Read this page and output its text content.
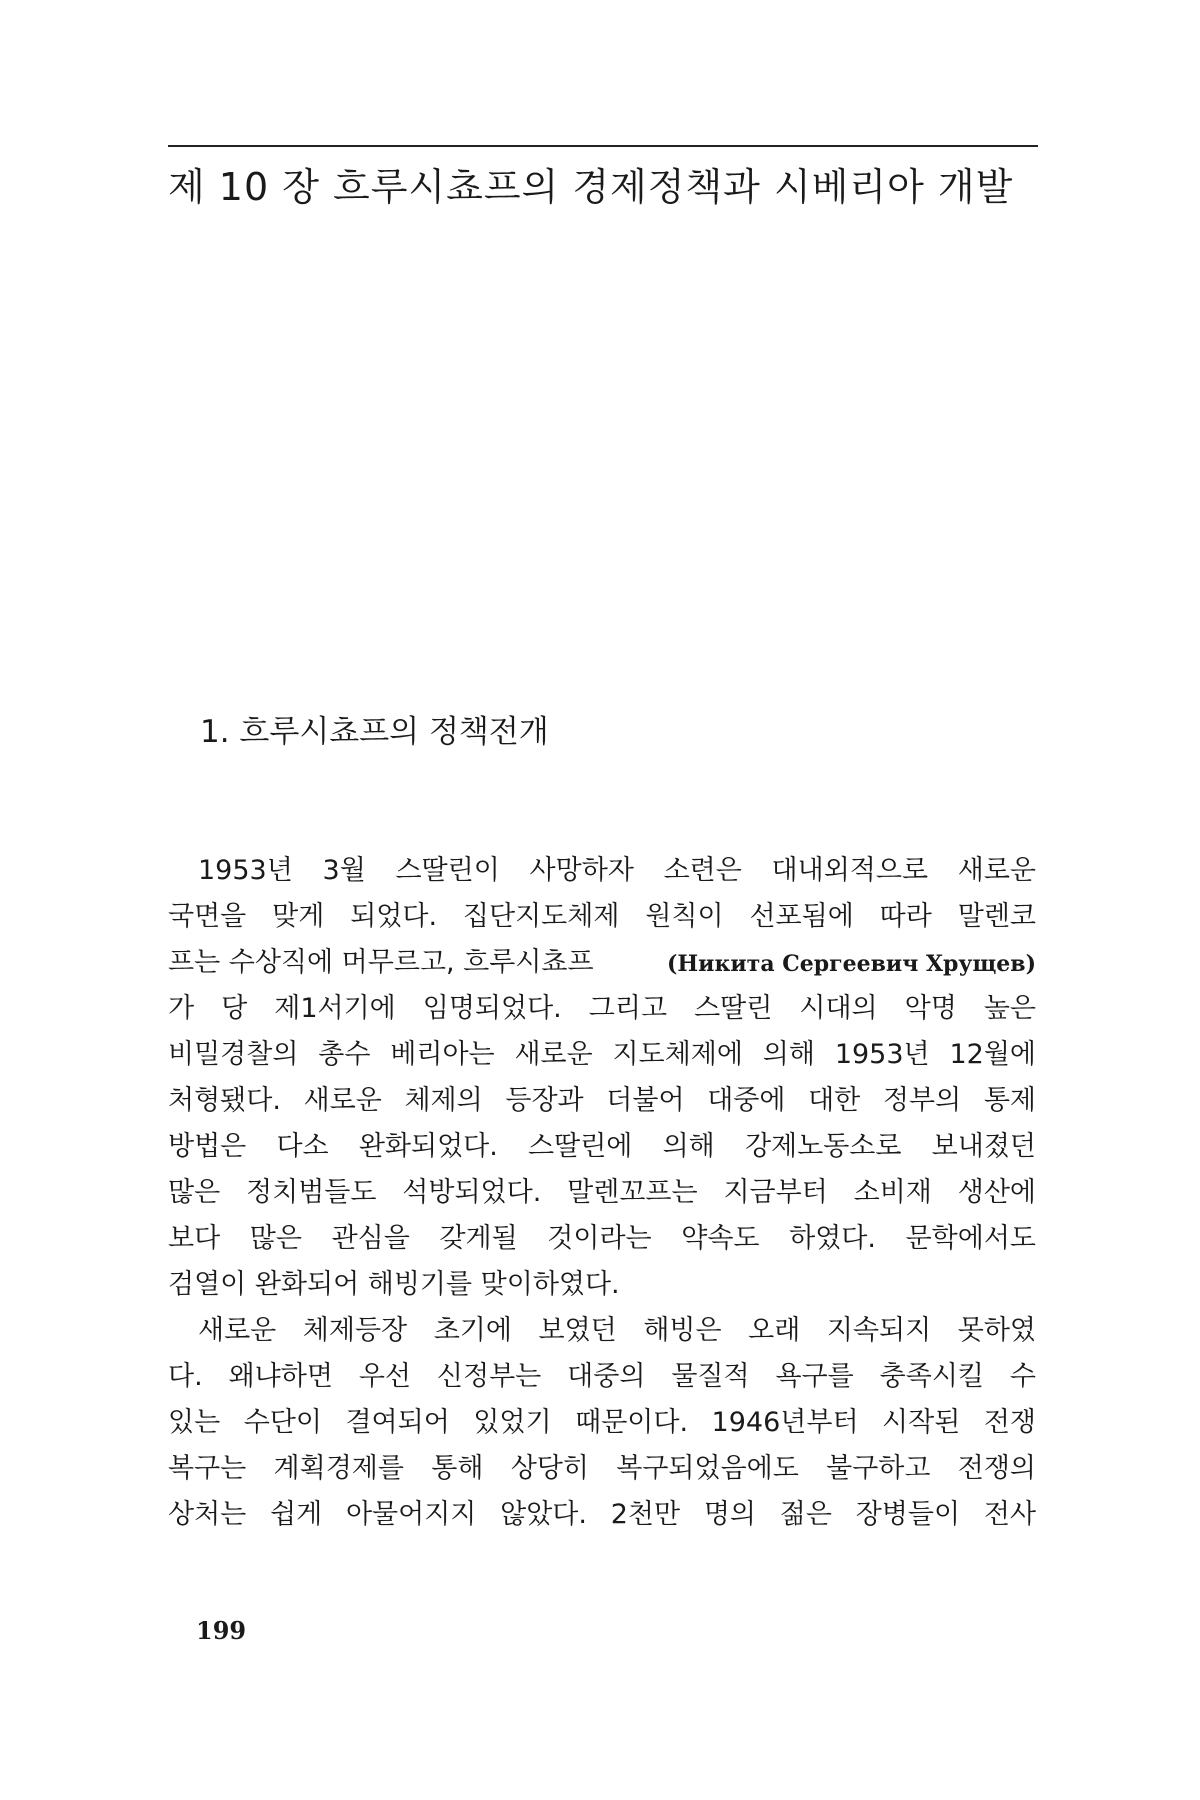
제 10 장 흐루시쵸프의 경제정책과 시베리아 개발
1. 흐루시쵸프의 정책전개
1953년 3월 스딸린이 사망하자 소련은 대내외적으로 새로운
국면을 맞게 되었다. 집단지도체제 원칙이 선포됨에 따라 말렌코
프는 수상직에 머무르고, 흐루시쵸프	(Никита Сергеевич Хрущев)
가 당 제1서기에 임명되었다. 그리고 스딸린 시대의 악명 높은
비밀경찰의 총수 베리아는 새로운 지도체제에 의해 1953년 12월에
처형됐다. 새로운 체제의 등장과 더불어 대중에 대한 정부의 통제
방법은 다소 완화되었다. 스딸린에 의해 강제노동소로 보내졌던
많은 정치범들도 석방되었다. 말렌꼬프는 지금부터 소비재 생산에
보다 많은 관심을 갖게될 것이라는 약속도 하였다. 문학에서도
검열이 완화되어 해빙기를 맞이하였다.
새로운 체제등장 초기에 보였던 해빙은 오래 지속되지 못하였
다. 왜냐하면 우선 신정부는 대중의 물질적 욕구를 충족시킬 수
있는 수단이 결여되어 있었기 때문이다. 1946년부터 시작된 전쟁
복구는 계획경제를 통해 상당히 복구되었음에도 불구하고 전쟁의
상처는 쉽게 아물어지지 않았다. 2천만 명의 젊은 장병들이 전사
199
